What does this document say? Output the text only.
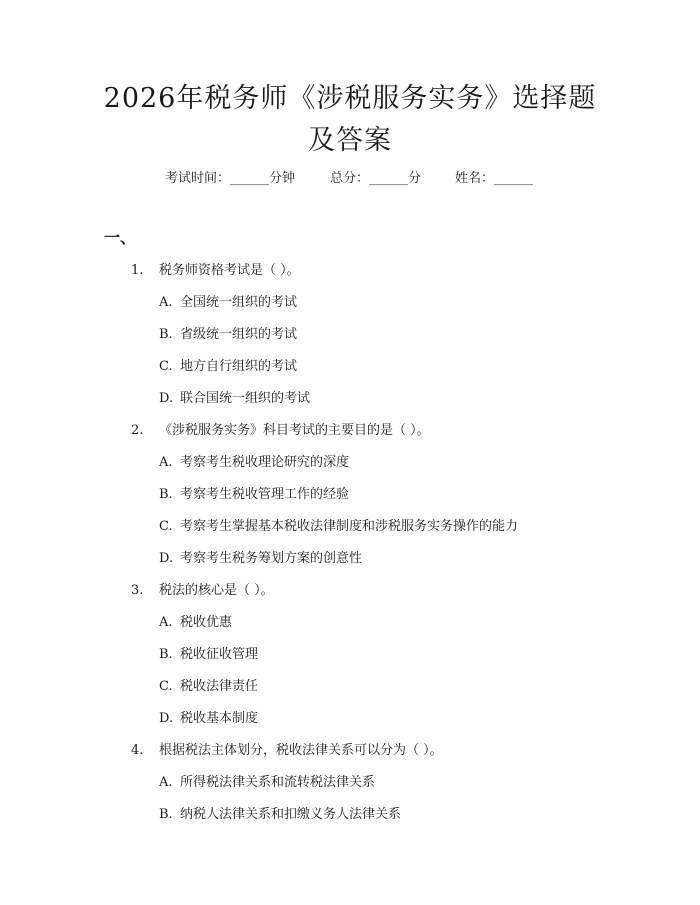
2026年税务师《涉税服务实务》选择题及答案
考试时间：______分钟	总分：______分	姓名：______
一、
1. 税务师资格考试是（ ）。
A. 全国统一组织的考试
B. 省级统一组织的考试
C. 地方自行组织的考试
D. 联合国统一组织的考试
2. 《涉税服务实务》科目考试的主要目的是（ ）。
A. 考察考生税收理论研究的深度
B. 考察考生税收管理工作的经验
C. 考察考生掌握基本税收法律制度和涉税服务实务操作的能力
D. 考察考生税务筹划方案的创意性
3. 税法的核心是（ ）。
A. 税收优惠
B. 税收征收管理
C. 税收法律责任
D. 税收基本制度
4. 根据税法主体划分，税收法律关系可以分为（ ）。
A. 所得税法律关系和流转税法律关系
B. 纳税人法律关系和扣缴义务人法律关系
